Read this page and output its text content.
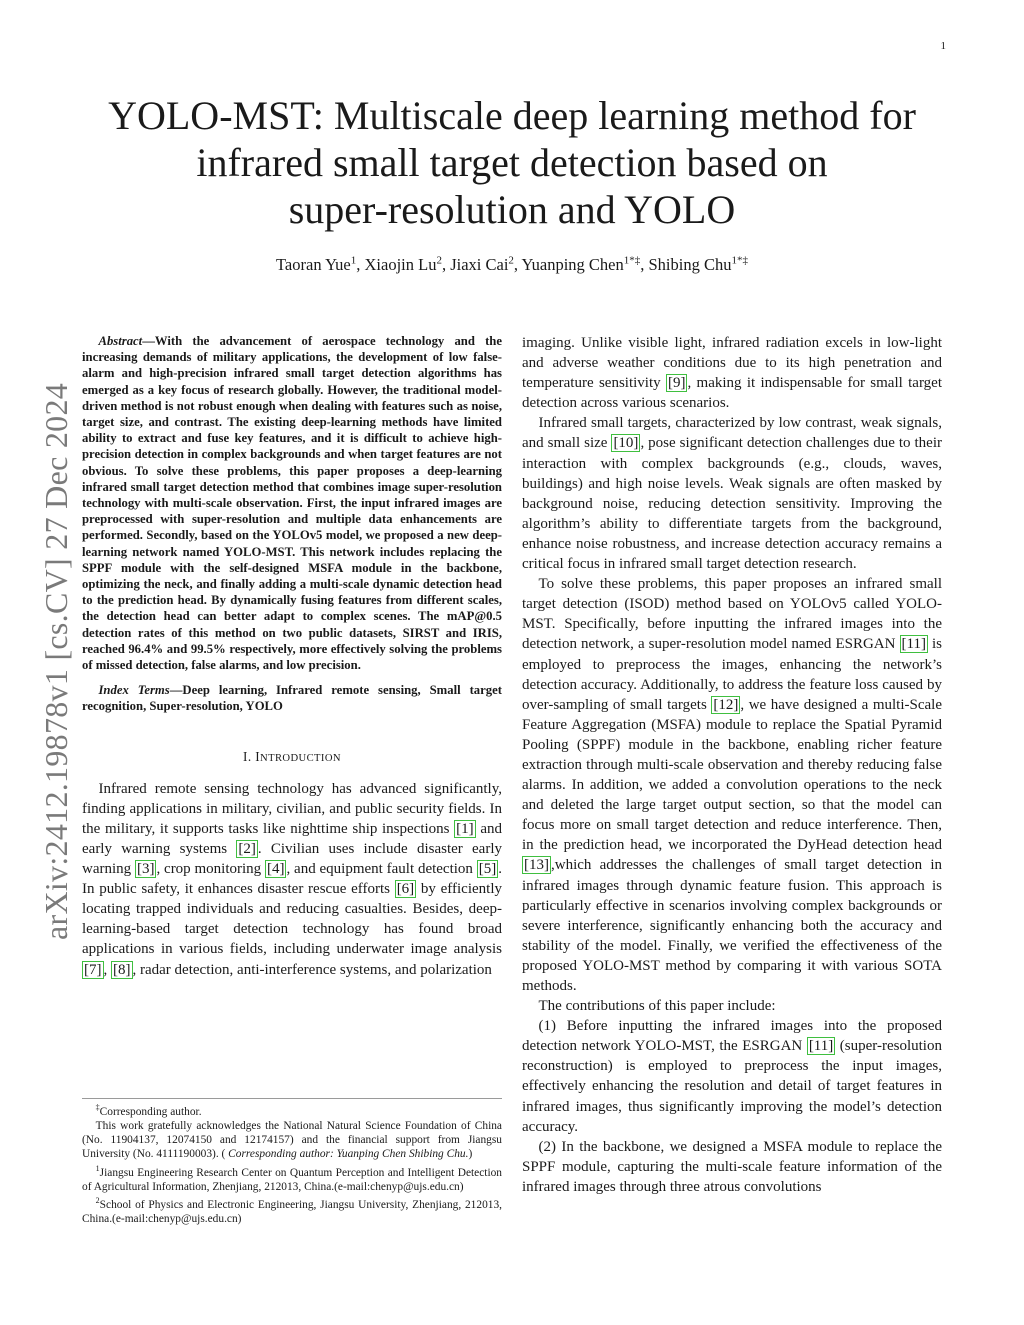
1
arXiv:2412.19878v1 [cs.CV] 27 Dec 2024
YOLO-MST: Multiscale deep learning method for
infrared small target detection based on
super-resolution and YOLO
Taoran Yue$^1$, Xiaojin Lu$^2$, Jiaxi Cai$^2$, Yuanping Chen$^{1*\ddagger}$, Shibing Chu$^{1*\ddagger}$

Abstract—With the advancement of aerospace technology and the increasing demands of military applications, the development of low false-alarm and high-precision infrared small target detection algorithms has emerged as a key focus of research globally. However, the traditional model-driven method is not robust enough when dealing with features such as noise, target size, and contrast. The existing deep-learning methods have limited ability to extract and fuse key features, and it is difficult to achieve high-precision detection in complex backgrounds and when target features are not obvious. To solve these problems, this paper proposes a deep-learning infrared small target detection method that combines image super-resolution technology with multi-scale observation. First, the input infrared images are preprocessed with super-resolution and multiple data enhancements are performed. Secondly, based on the YOLOv5 model, we proposed a new deep-learning network named YOLO-MST. This network includes replacing the SPPF module with the self-designed MSFA module in the backbone, optimizing the neck, and finally adding a multi-scale dynamic detection head to the prediction head. By dynamically fusing features from different scales, the detection head can better adapt to complex scenes. The mAP@0.5 detection rates of this method on two public datasets, SIRST and IRIS, reached 96.4% and 99.5% respectively, more effectively solving the problems of missed detection, false alarms, and low precision.

Index Terms—Deep learning, Infrared remote sensing, Small target recognition, Super-resolution, YOLO

I. INTRODUCTION

Infrared remote sensing technology has advanced significantly, finding applications in military, civilian, and public security fields. In the military, it supports tasks like nighttime ship inspections [1] and early warning systems [2] . Civilian uses include disaster early warning [3] , crop monitoring [4] , and equipment fault detection [5] . In public safety, it enhances disaster rescue efforts [6] by efficiently locating trapped individuals and reducing casualties. Besides, deep-learning-based target detection technology has found broad applications in various fields, including underwater image analysis [7] , [8] , radar detection, anti-interference systems, and polarization

‡Corresponding author.

This work gratefully acknowledges the National Natural Science Foundation of China (No. 11904137, 12074150 and 12174157) and the financial support from Jiangsu University (No. 4111190003). ( Corresponding author: Yuanping Chen Shibing Chu.)

$^1$Jiangsu Engineering Research Center on Quantum Perception and Intelligent Detection of Agricultural Information, Zhenjiang, 212013, China.(e-mail:chenyp@ujs.edu.cn)

$^2$School of Physics and Electronic Engineering, Jiangsu University, Zhenjiang, 212013, China.(e-mail:chenyp@ujs.edu.cn)

imaging. Unlike visible light, infrared radiation excels in low-light and adverse weather conditions due to its high penetration and temperature sensitivity [9] , making it indispensable for small target detection across various scenarios.

Infrared small targets, characterized by low contrast, weak signals, and small size [10] , pose significant detection challenges due to their interaction with complex backgrounds (e.g., clouds, waves, buildings) and high noise levels. Weak signals are often masked by background noise, reducing detection sensitivity. Improving the algorithm’s ability to differentiate targets from the background, enhance noise robustness, and increase detection accuracy remains a critical focus in infrared small target detection research.

To solve these problems, this paper proposes an infrared small target detection (ISOD) method based on YOLOv5 called YOLO-MST. Specifically, before inputting the infrared images into the detection network, a super-resolution model named ESRGAN [11] is employed to preprocess the images, enhancing the network’s detection accuracy. Additionally, to address the feature loss caused by over-sampling of small targets [12] , we have designed a multi-Scale Feature Aggregation (MSFA) module to replace the Spatial Pyramid Pooling (SPPF) module in the backbone, enabling richer feature extraction through multi-scale observation and thereby reducing false alarms. In addition, we added a convolution operations to the neck and deleted the large target output section, so that the model can focus more on small target detection and reduce interference. Then, in the prediction head, we incorporated the DyHead detection head [13] ,which addresses the challenges of small target detection in infrared images through dynamic feature fusion. This approach is particularly effective in scenarios involving complex backgrounds or severe interference, significantly enhancing both the accuracy and stability of the model. Finally, we verified the effectiveness of the proposed YOLO-MST method by comparing it with various SOTA methods.

The contributions of this paper include:

(1) Before inputting the infrared images into the proposed detection network YOLO-MST, the ESRGAN [11] (super-resolution reconstruction) is employed to preprocess the input images, effectively enhancing the resolution and detail of target features in infrared images, thus significantly improving the model’s detection accuracy.

(2) In the backbone, we designed a MSFA module to replace the SPPF module, capturing the multi-scale feature information of the infrared images through three atrous convolutions
